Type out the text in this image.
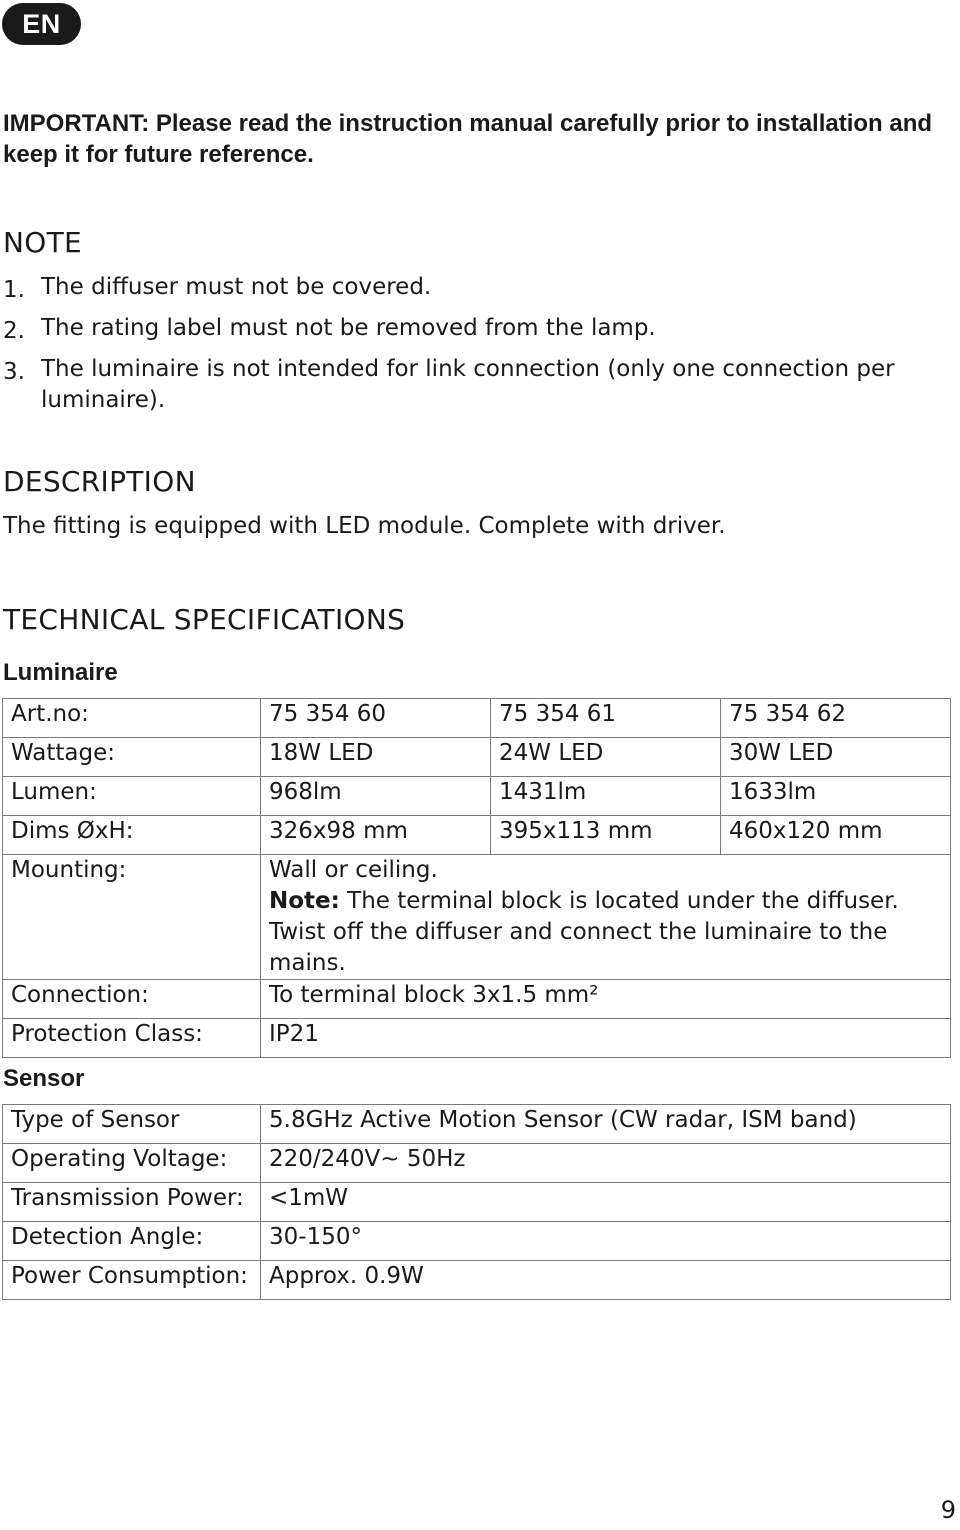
EN

IMPORTANT: Please read the instruction manual carefully prior to installation and keep it for future reference.

NOTE
1. The diffuser must not be covered.
2. The rating label must not be removed from the lamp.
3. The luminaire is not intended for link connection (only one connection per luminaire).
DESCRIPTION

The fitting is equipped with LED module. Complete with driver.

TECHNICAL SPECIFICATIONS
Luminaire
Art.no:	75 354 60	75 354 61	75 354 62
Wattage:	18W LED	24W LED	30W LED
Lumen:	968lm	1431lm	1633lm
Dims ØxH:	326x98 mm	395x113 mm	460x120 mm
Mounting:	Wall or ceiling.
Note: The terminal block is located under the diffuser. Twist off the diffuser and connect the luminaire to the mains.		

Connection:	To terminal block 3x1.5 mm²		
Protection Class:	IP21		
Sensor
Type of Sensor	5.8GHz Active Motion Sensor (CW radar, ISM band)
Operating Voltage:	220/240V~ 50Hz
Transmission Power:	<1mW
Detection Angle:	30-150°
Power Consumption:	Approx. 0.9W
9
